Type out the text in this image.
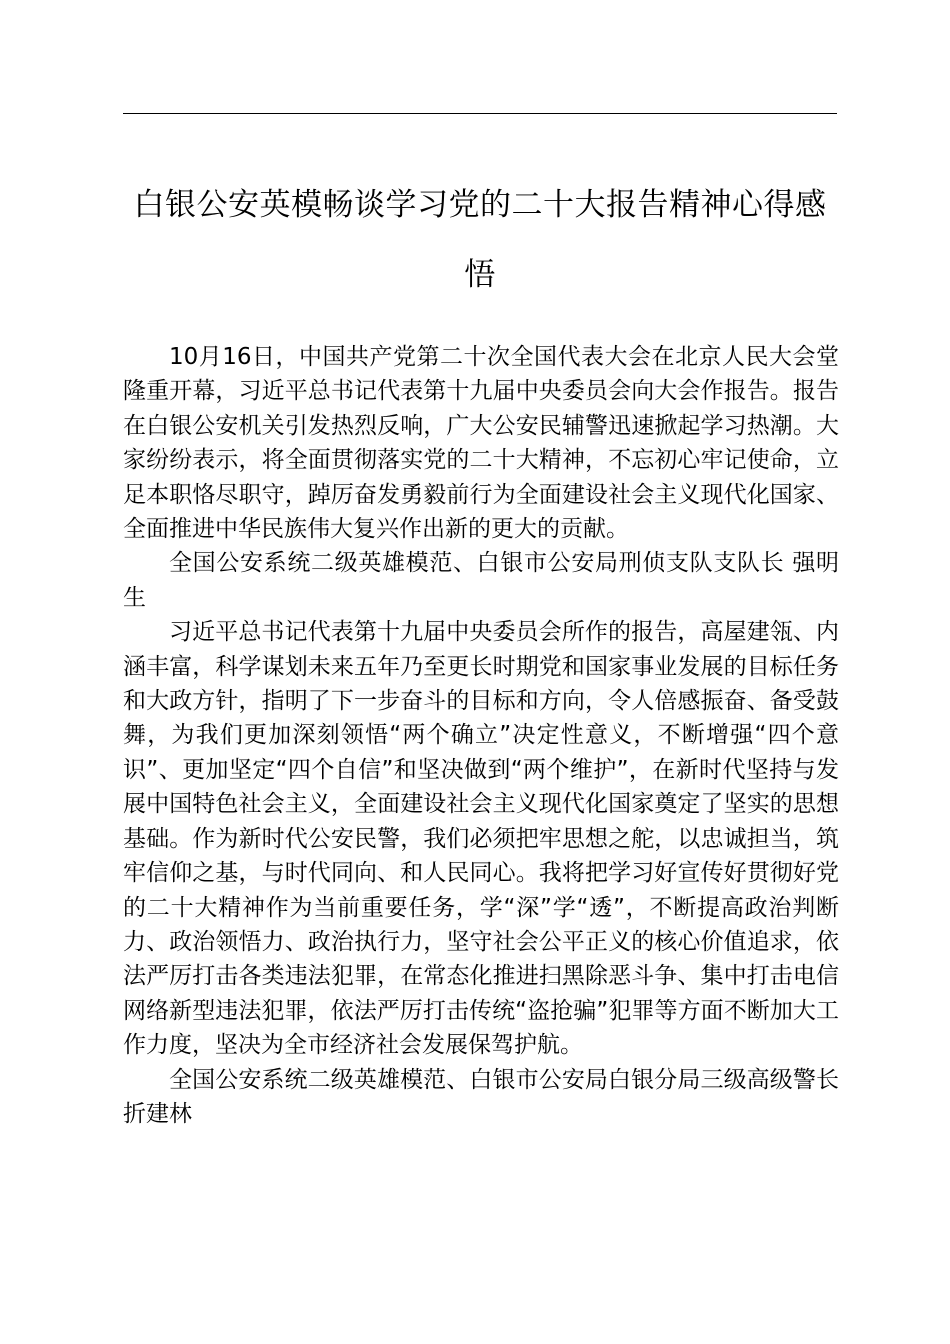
白银公安英模畅谈学习党的二十大报告精神心得感悟

10月16日，中国共产党第二十次全国代表大会在北京人民大会堂隆重开幕，习近平总书记代表第十九届中央委员会向大会作报告。报告在白银公安机关引发热烈反响，广大公安民辅警迅速掀起学习热潮。大家纷纷表示，将全面贯彻落实党的二十大精神，不忘初心牢记使命，立足本职恪尽职守，踔厉奋发勇毅前行为全面建设社会主义现代化国家、全面推进中华民族伟大复兴作出新的更大的贡献。

全国公安系统二级英雄模范、白银市公安局刑侦支队支队长 强明生

习近平总书记代表第十九届中央委员会所作的报告，高屋建瓴、内涵丰富，科学谋划未来五年乃至更长时期党和国家事业发展的目标任务和大政方针，指明了下一步奋斗的目标和方向，令人倍感振奋、备受鼓舞，为我们更加深刻领悟“两个确立”决定性意义，不断增强“四个意识”、更加坚定“四个自信”和坚决做到“两个维护”，在新时代坚持与发展中国特色社会主义，全面建设社会主义现代化国家奠定了坚实的思想基础。作为新时代公安民警，我们必须把牢思想之舵，以忠诚担当，筑牢信仰之基，与时代同向、和人民同心。我将把学习好宣传好贯彻好党的二十大精神作为当前重要任务，学“深”学“透”，不断提高政治判断力、政治领悟力、政治执行力，坚守社会公平正义的核心价值追求，依法严厉打击各类违法犯罪，在常态化推进扫黑除恶斗争、集中打击电信网络新型违法犯罪，依法严厉打击传统“盗抢骗”犯罪等方面不断加大工作力度，坚决为全市经济社会发展保驾护航。

全国公安系统二级英雄模范、白银市公安局白银分局三级高级警长 折建林
